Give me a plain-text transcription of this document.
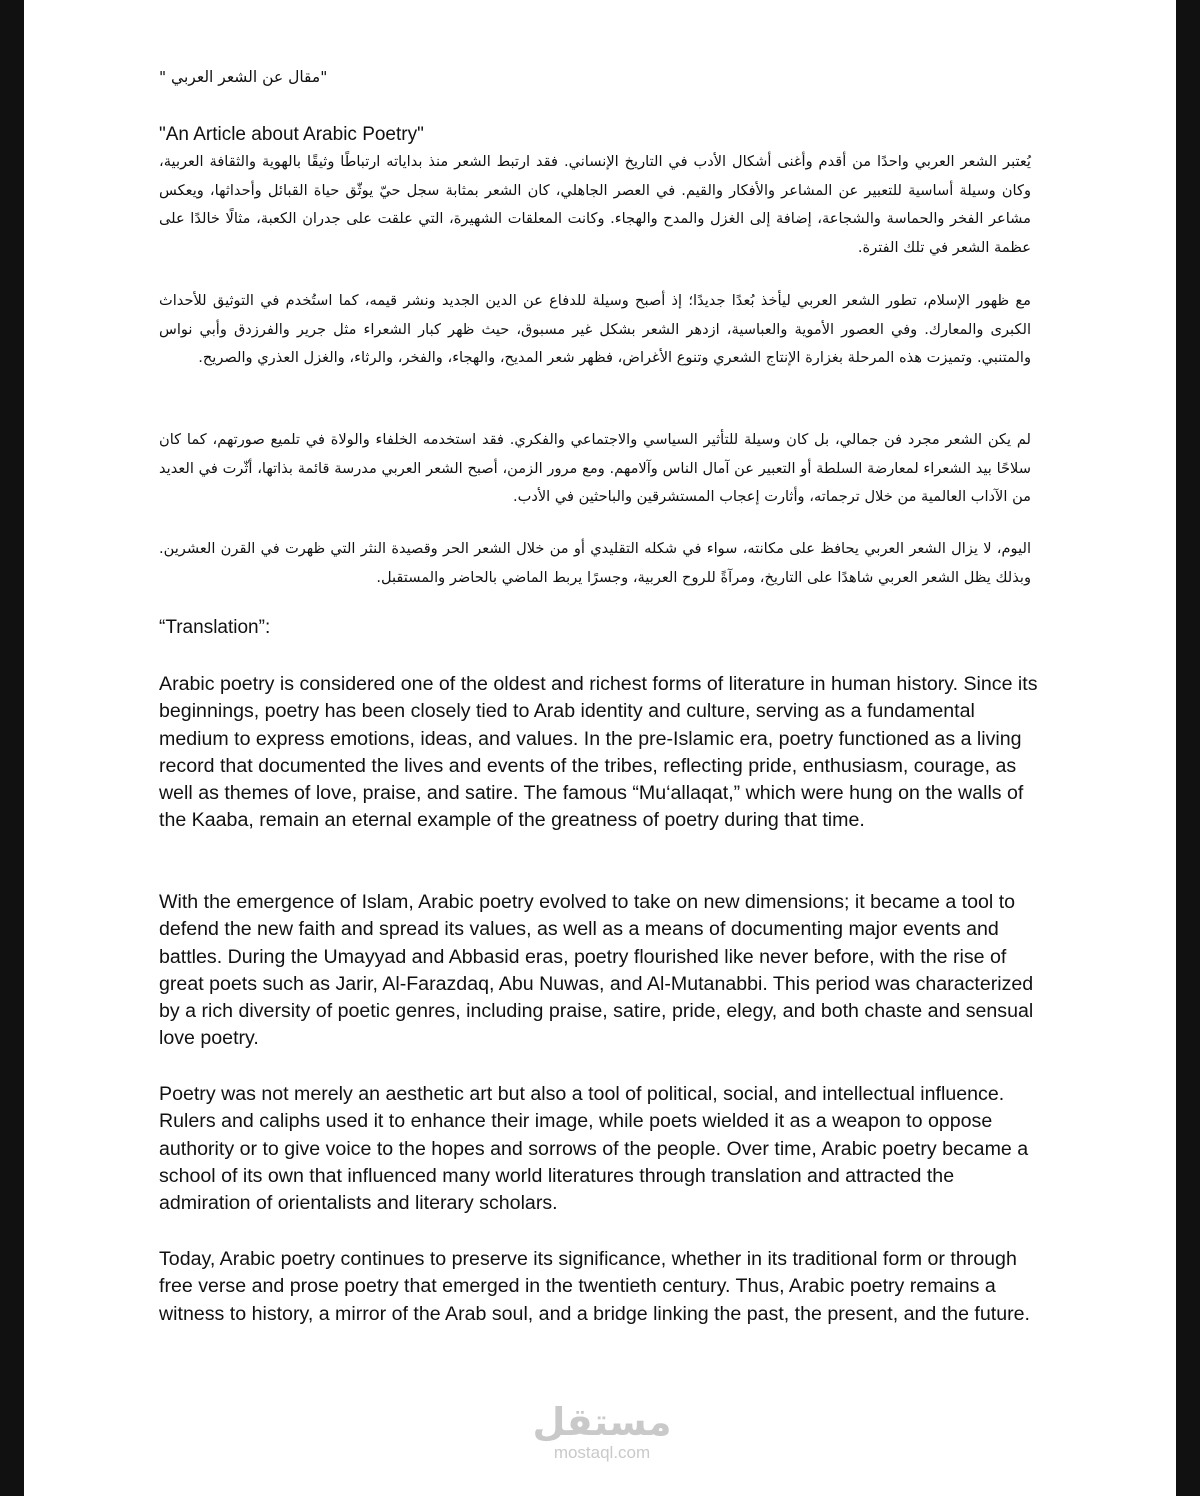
"مقال عن الشعر العربي "
"An Article about Arabic Poetry"
يُعتبر الشعر العربي واحدًا من أقدم وأغنى أشكال الأدب في التاريخ الإنساني. فقد ارتبط الشعر منذ بداياته ارتباطًا وثيقًا بالهوية والثقافة العربية، وكان وسيلة أساسية للتعبير عن المشاعر والأفكار والقيم. في العصر الجاهلي، كان الشعر بمثابة سجل حيّ يوثّق حياة القبائل وأحداثها، ويعكس مشاعر الفخر والحماسة والشجاعة، إضافة إلى الغزل والمدح والهجاء. وكانت المعلقات الشهيرة، التي علقت على جدران الكعبة، مثالًا خالدًا على عظمة الشعر في تلك الفترة.
مع ظهور الإسلام، تطور الشعر العربي ليأخذ بُعدًا جديدًا؛ إذ أصبح وسيلة للدفاع عن الدين الجديد ونشر قيمه، كما استُخدم في التوثيق للأحداث الكبرى والمعارك. وفي العصور الأموية والعباسية، ازدهر الشعر بشكل غير مسبوق، حيث ظهر كبار الشعراء مثل جرير والفرزدق وأبي نواس والمتنبي. وتميزت هذه المرحلة بغزارة الإنتاج الشعري وتنوع الأغراض، فظهر شعر المديح، والهجاء، والفخر، والرثاء، والغزل العذري والصريح.
لم يكن الشعر مجرد فن جمالي، بل كان وسيلة للتأثير السياسي والاجتماعي والفكري. فقد استخدمه الخلفاء والولاة في تلميع صورتهم، كما كان سلاحًا بيد الشعراء لمعارضة السلطة أو التعبير عن آمال الناس وآلامهم. ومع مرور الزمن، أصبح الشعر العربي مدرسة قائمة بذاتها، أثّرت في العديد من الآداب العالمية من خلال ترجماته، وأثارت إعجاب المستشرقين والباحثين في الأدب.
اليوم، لا يزال الشعر العربي يحافظ على مكانته، سواء في شكله التقليدي أو من خلال الشعر الحر وقصيدة النثر التي ظهرت في القرن العشرين. وبذلك يظل الشعر العربي شاهدًا على التاريخ، ومرآةً للروح العربية، وجسرًا يربط الماضي بالحاضر والمستقبل.
“Translation”:
Arabic poetry is considered one of the oldest and richest forms of literature in human history. Since its beginnings, poetry has been closely tied to Arab identity and culture, serving as a fundamental medium to express emotions, ideas, and values. In the pre-Islamic era, poetry functioned as a living record that documented the lives and events of the tribes, reflecting pride, enthusiasm, courage, as well as themes of love, praise, and satire. The famous “Mu‘allaqat,” which were hung on the walls of the Kaaba, remain an eternal example of the greatness of poetry during that time.
With the emergence of Islam, Arabic poetry evolved to take on new dimensions; it became a tool to defend the new faith and spread its values, as well as a means of documenting major events and battles. During the Umayyad and Abbasid eras, poetry flourished like never before, with the rise of great poets such as Jarir, Al-Farazdaq, Abu Nuwas, and Al-Mutanabbi. This period was characterized by a rich diversity of poetic genres, including praise, satire, pride, elegy, and both chaste and sensual love poetry.
Poetry was not merely an aesthetic art but also a tool of political, social, and intellectual influence. Rulers and caliphs used it to enhance their image, while poets wielded it as a weapon to oppose authority or to give voice to the hopes and sorrows of the people. Over time, Arabic poetry became a school of its own that influenced many world literatures through translation and attracted the admiration of orientalists and literary scholars.
Today, Arabic poetry continues to preserve its significance, whether in its traditional form or through free verse and prose poetry that emerged in the twentieth century. Thus, Arabic poetry remains a witness to history, a mirror of the Arab soul, and a bridge linking the past, the present, and the future.
مستقل
mostaql.com
